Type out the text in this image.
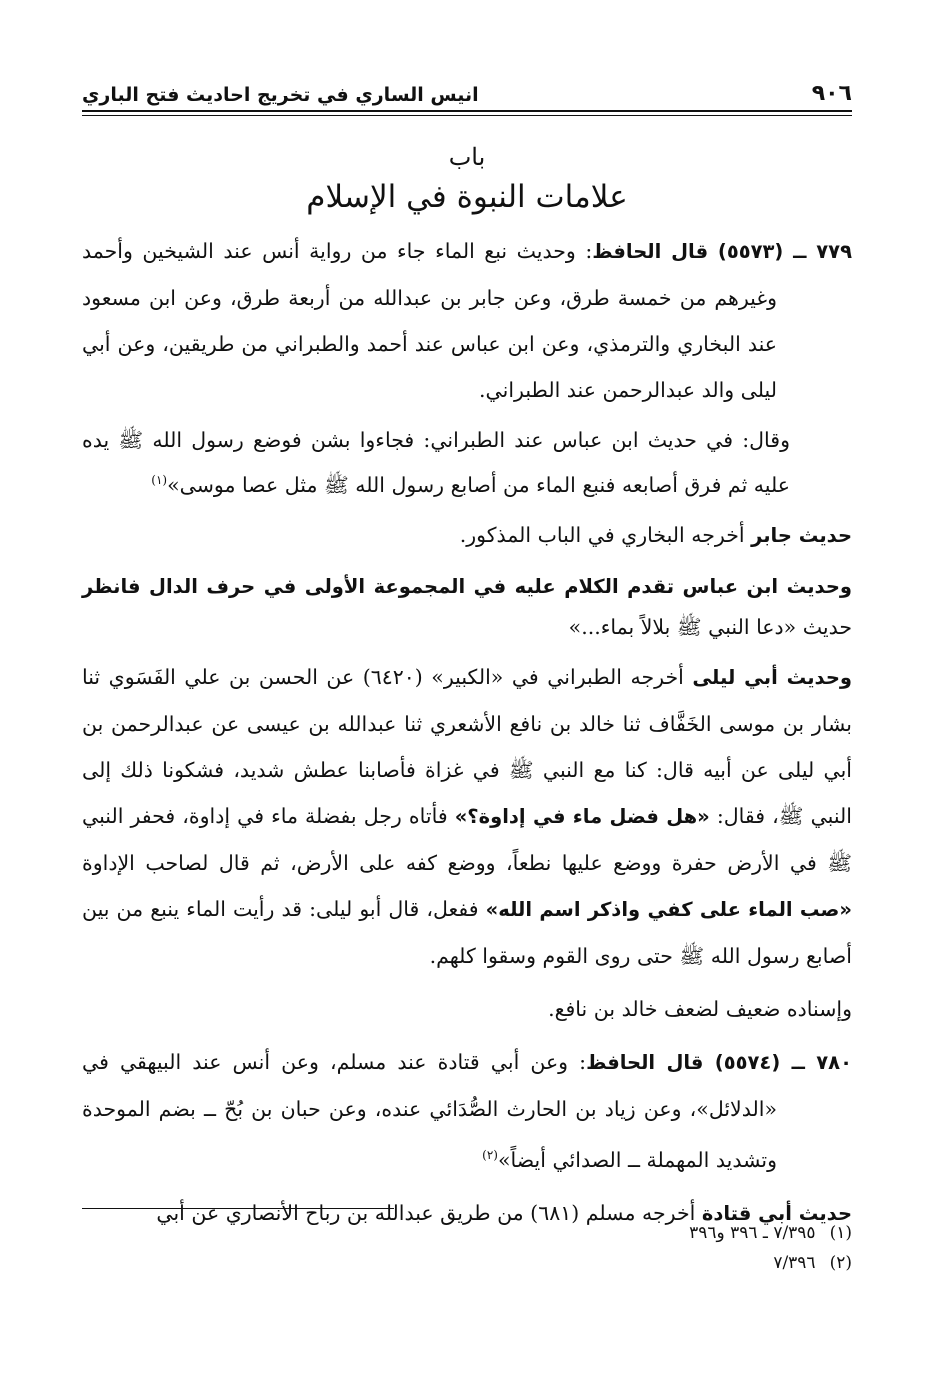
٩٠٦
انيس الساري في تخريج احاديث فتح الباري
باب
علامات النبوة في الإسلام

٧٧٩ ــ (٥٥٧٣) قال الحافظ: وحديث نبع الماء جاء من رواية أنس عند الشيخين وأحمد وغيرهم من خمسة طرق، وعن جابر بن عبدالله من أربعة طرق، وعن ابن مسعود عند البخاري والترمذي، وعن ابن عباس عند أحمد والطبراني من طريقين، وعن أبي ليلى والد عبدالرحمن عند الطبراني.

وقال: في حديث ابن عباس عند الطبراني: فجاءوا بشن فوضع رسول الله ﷺ يده عليه ثم فرق أصابعه فنبع الماء من أصابع رسول الله ﷺ مثل عصا موسى»$^{(١)}$

حديث جابر أخرجه البخاري في الباب المذكور.

وحديث ابن عباس تقدم الكلام عليه في المجموعة الأولى في حرف الدال فانظر حديث «دعا النبي ﷺ بلالاً بماء...»

وحديث أبي ليلى أخرجه الطبراني في «الكبير» (٦٤٢٠) عن الحسن بن علي الفَسَوي ثنا بشار بن موسى الخَفَّاف ثنا خالد بن نافع الأشعري ثنا عبدالله بن عيسى عن عبدالرحمن بن أبي ليلى عن أبيه قال: كنا مع النبي ﷺ في غزاة فأصابنا عطش شديد، فشكونا ذلك إلى النبي ﷺ، فقال: «هل فضل ماء في إداوة؟» فأتاه رجل بفضلة ماء في إداوة، فحفر النبي ﷺ في الأرض حفرة ووضع عليها نطعاً، ووضع كفه على الأرض، ثم قال لصاحب الإداوة «صب الماء على كفي واذكر اسم الله» ففعل، قال أبو ليلى: قد رأيت الماء ينبع من بين أصابع رسول الله ﷺ حتى روى القوم وسقوا كلهم.

وإسناده ضعيف لضعف خالد بن نافع.

٧٨٠ ــ (٥٥٧٤) قال الحافظ: وعن أبي قتادة عند مسلم، وعن أنس عند البيهقي في «الدلائل»، وعن زياد بن الحارث الصُّدَائي عنده، وعن حبان بن بُحّ ــ بضم الموحدة وتشديد المهملة ــ الصدائي أيضاً»$^{(٢)}$

حديث أبي قتادة أخرجه مسلم (٦٨١) من طريق عبدالله بن رباح الأنصاري عن أبي

(١)
٧/٣٩٥ ـ ٣٩٦ و٣٩٦
(٢)
٧/٣٩٦
